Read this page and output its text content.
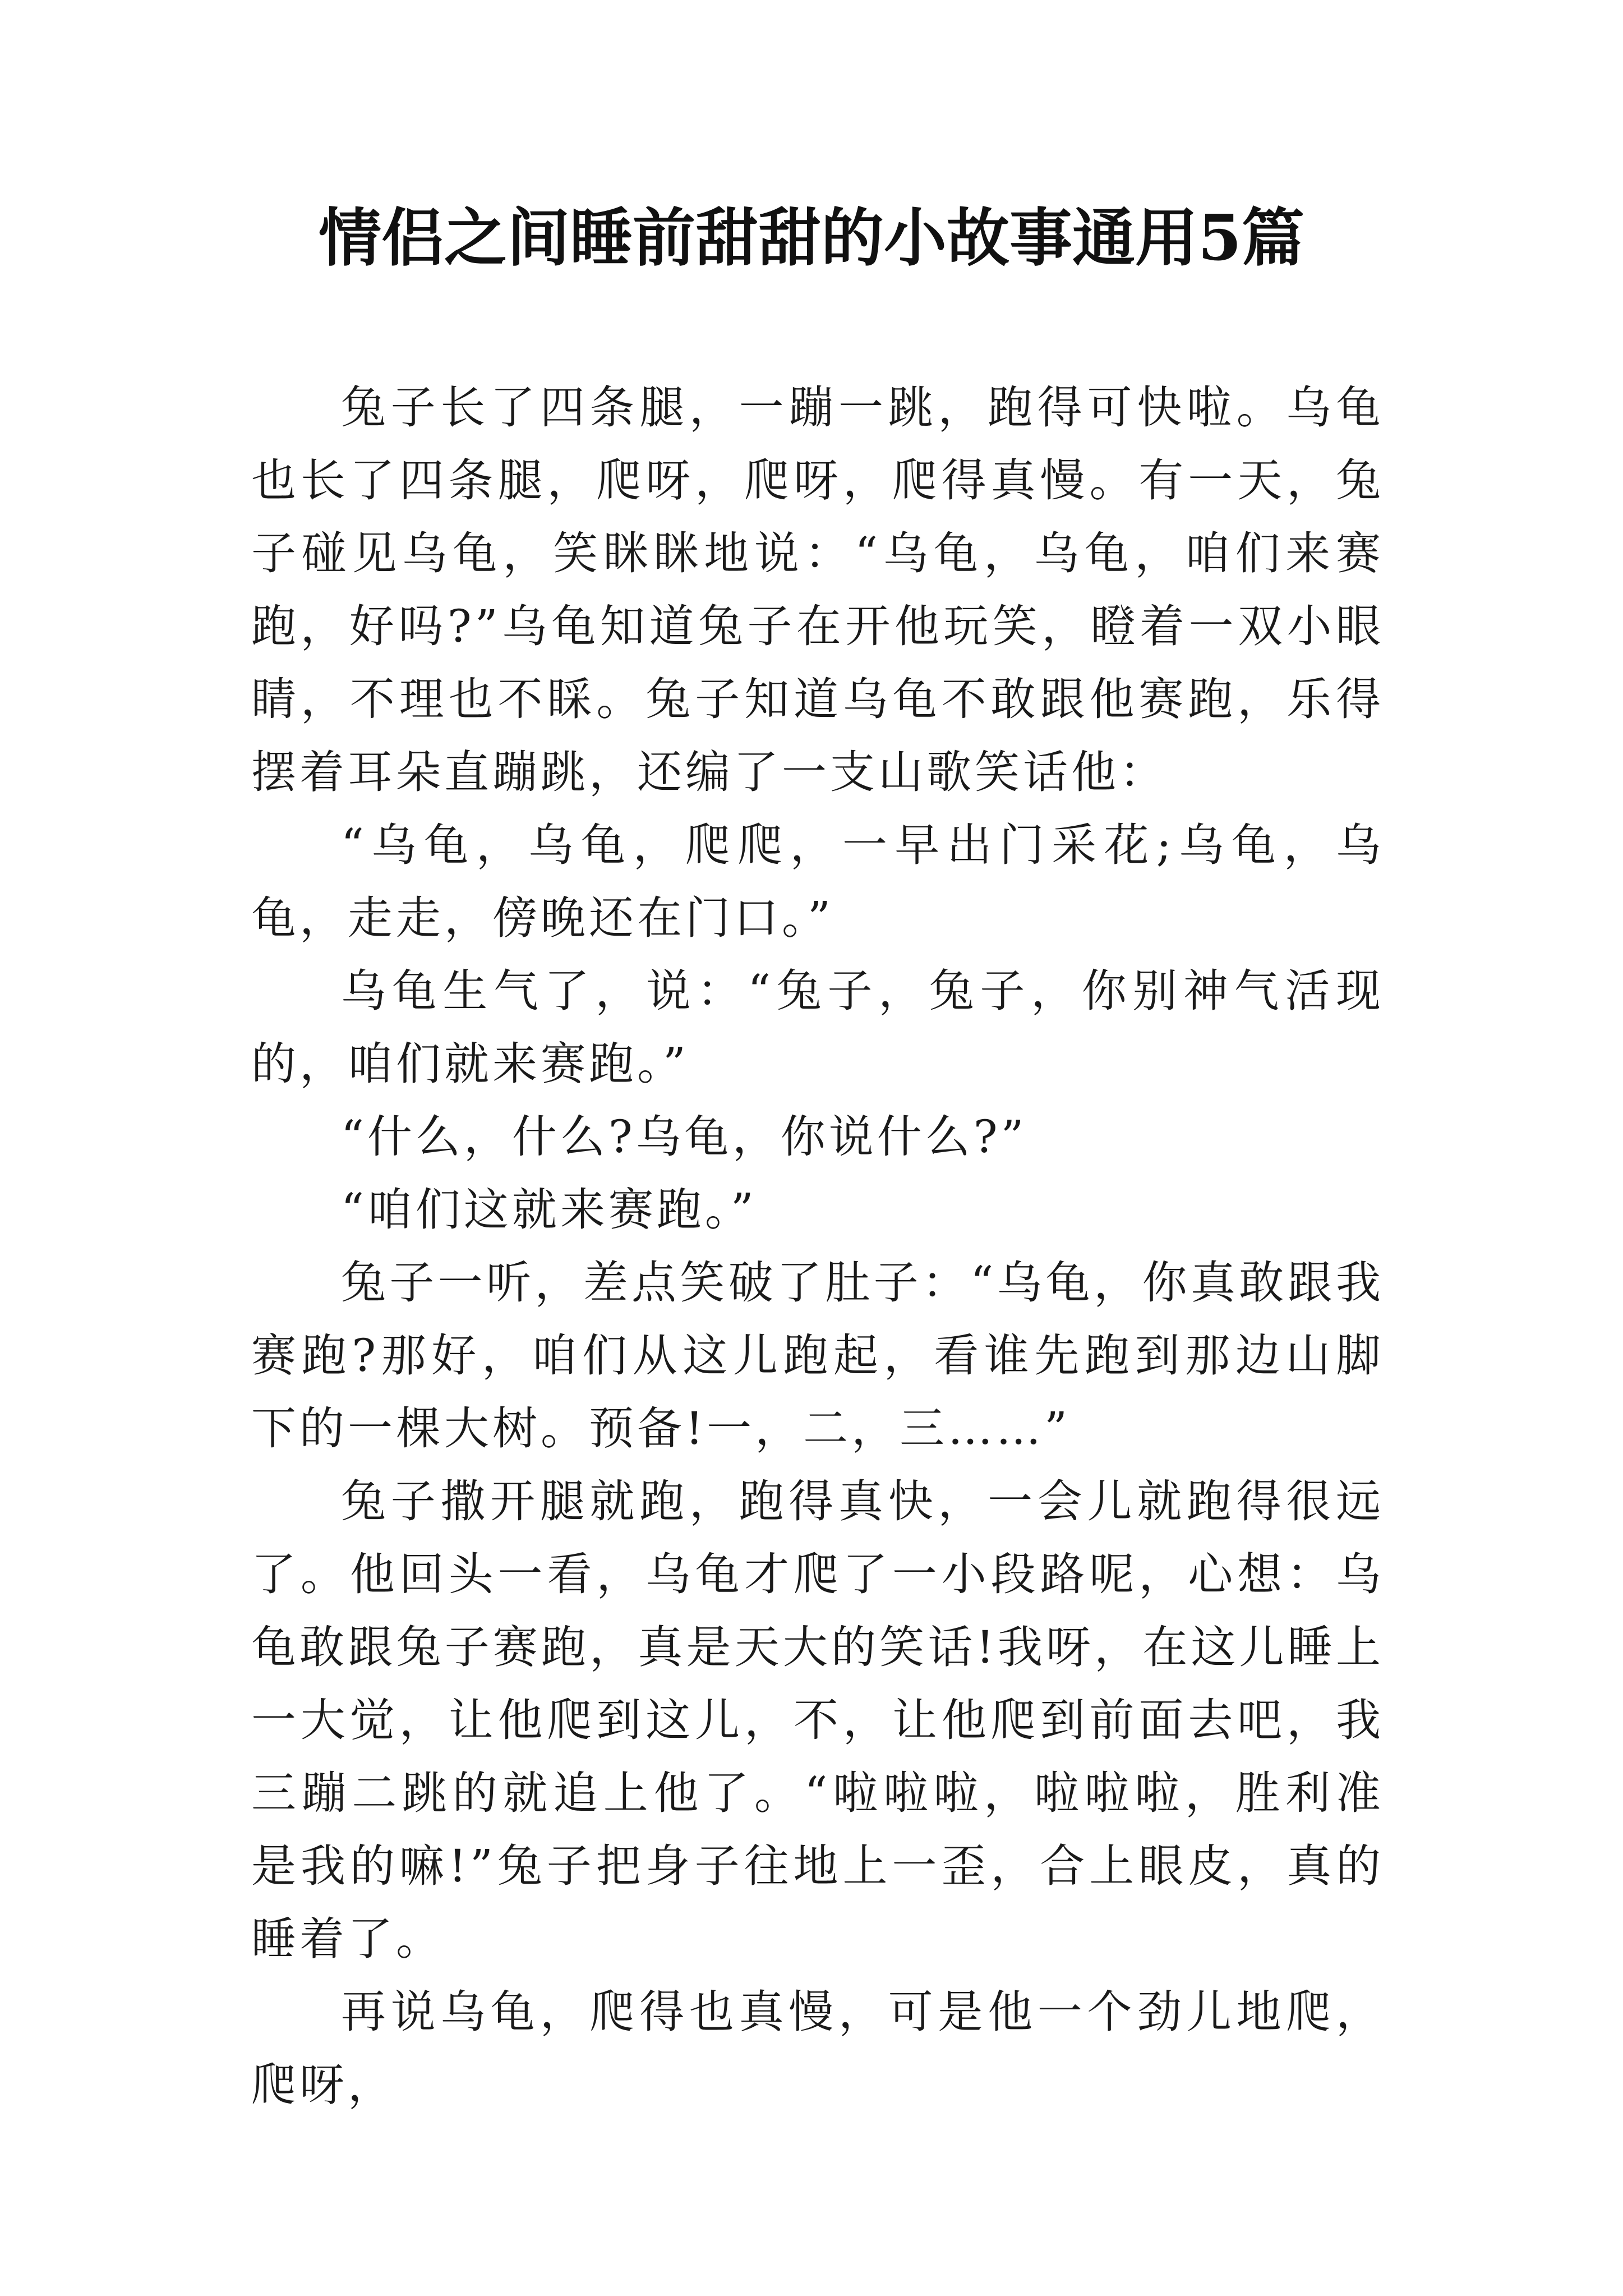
情侣之间睡前甜甜的小故事通用5篇

兔子长了四条腿，一蹦一跳，跑得可快啦。乌龟也长了四条腿，爬呀，爬呀，爬得真慢。有一天，兔子碰见乌龟，笑眯眯地说：“乌龟，乌龟，咱们来赛跑，好吗?”乌龟知道兔子在开他玩笑，瞪着一双小眼睛，不理也不睬。兔子知道乌龟不敢跟他赛跑，乐得摆着耳朵直蹦跳，还编了一支山歌笑话他：

“乌龟，乌龟，爬爬，一早出门采花;乌龟，乌龟，走走，傍晚还在门口。”

乌龟生气了，说：“兔子，兔子，你别神气活现的，咱们就来赛跑。”

“什么，什么?乌龟，你说什么?”

“咱们这就来赛跑。”

兔子一听，差点笑破了肚子：“乌龟，你真敢跟我赛跑?那好，咱们从这儿跑起，看谁先跑到那边山脚下的一棵大树。预备!一，二，三……”

兔子撒开腿就跑，跑得真快，一会儿就跑得很远了。他回头一看，乌龟才爬了一小段路呢，心想：乌龟敢跟兔子赛跑，真是天大的笑话!我呀，在这儿睡上一大觉，让他爬到这儿，不，让他爬到前面去吧，我三蹦二跳的就追上他了。“啦啦啦，啦啦啦，胜利准是我的嘛!”兔子把身子往地上一歪，合上眼皮，真的睡着了。

再说乌龟，爬得也真慢，可是他一个劲儿地爬，爬呀，
